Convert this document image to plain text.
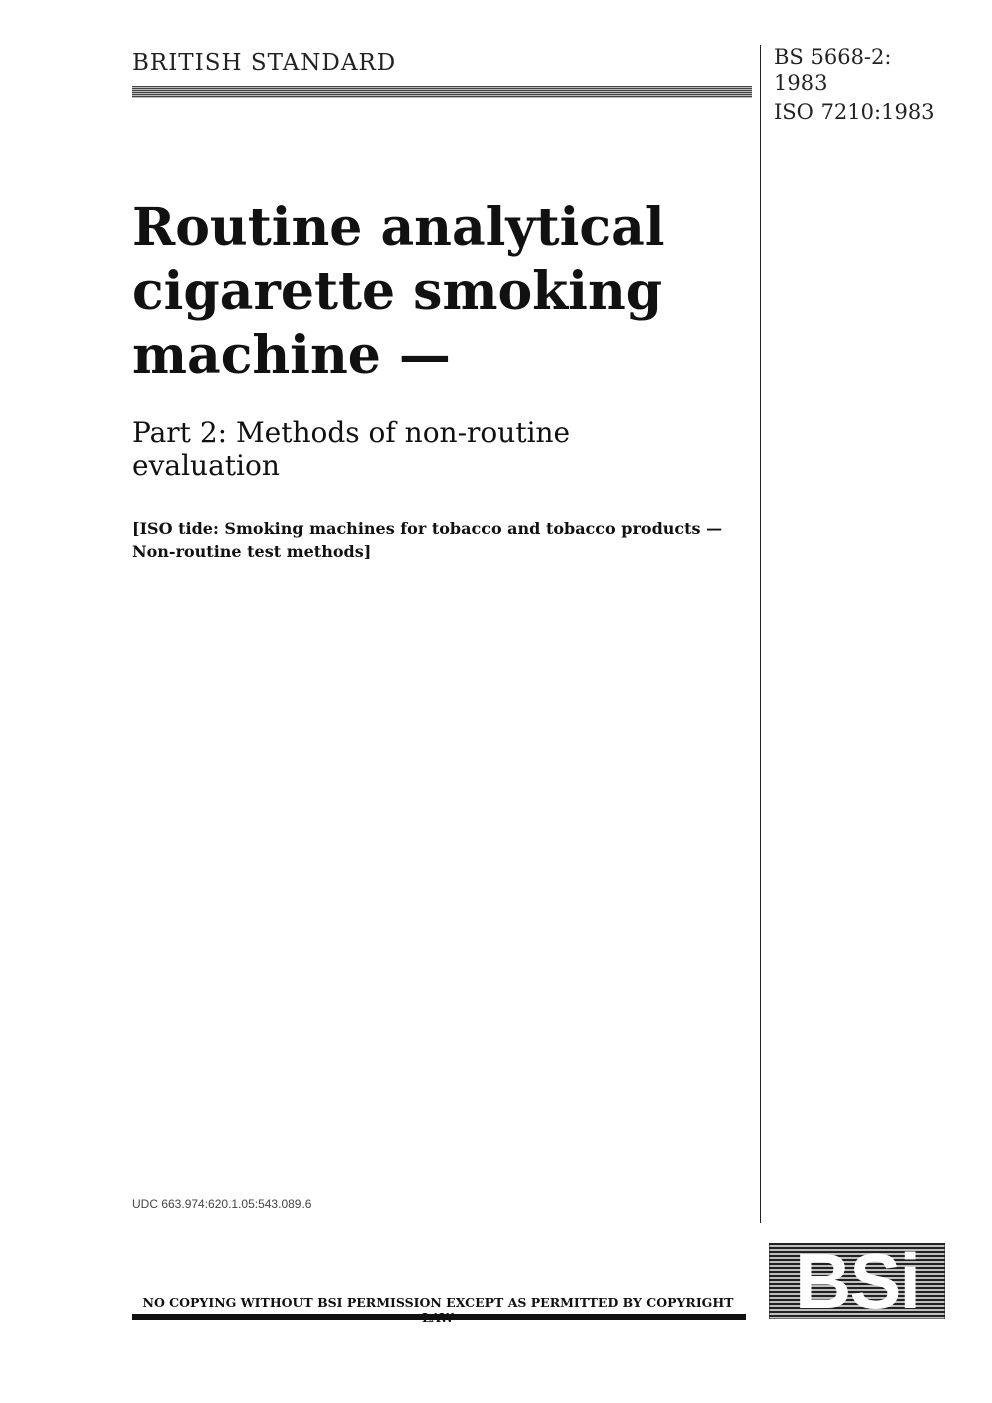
BRITISH STANDARD	BS 5668-2:
1983
ISO 7210:1983
Routine analytical
cigarette smoking
machine —
Part 2: Methods of non-routine
evaluation
[ISO tide: Smoking machines for tobacco and tobacco products —
Non-routine test methods]
UDC 663.974:620.1.05:543.089.6
NO COPYING WITHOUT BSI PERMISSION EXCEPT AS PERMITTED BY COPYRIGHT BSi
